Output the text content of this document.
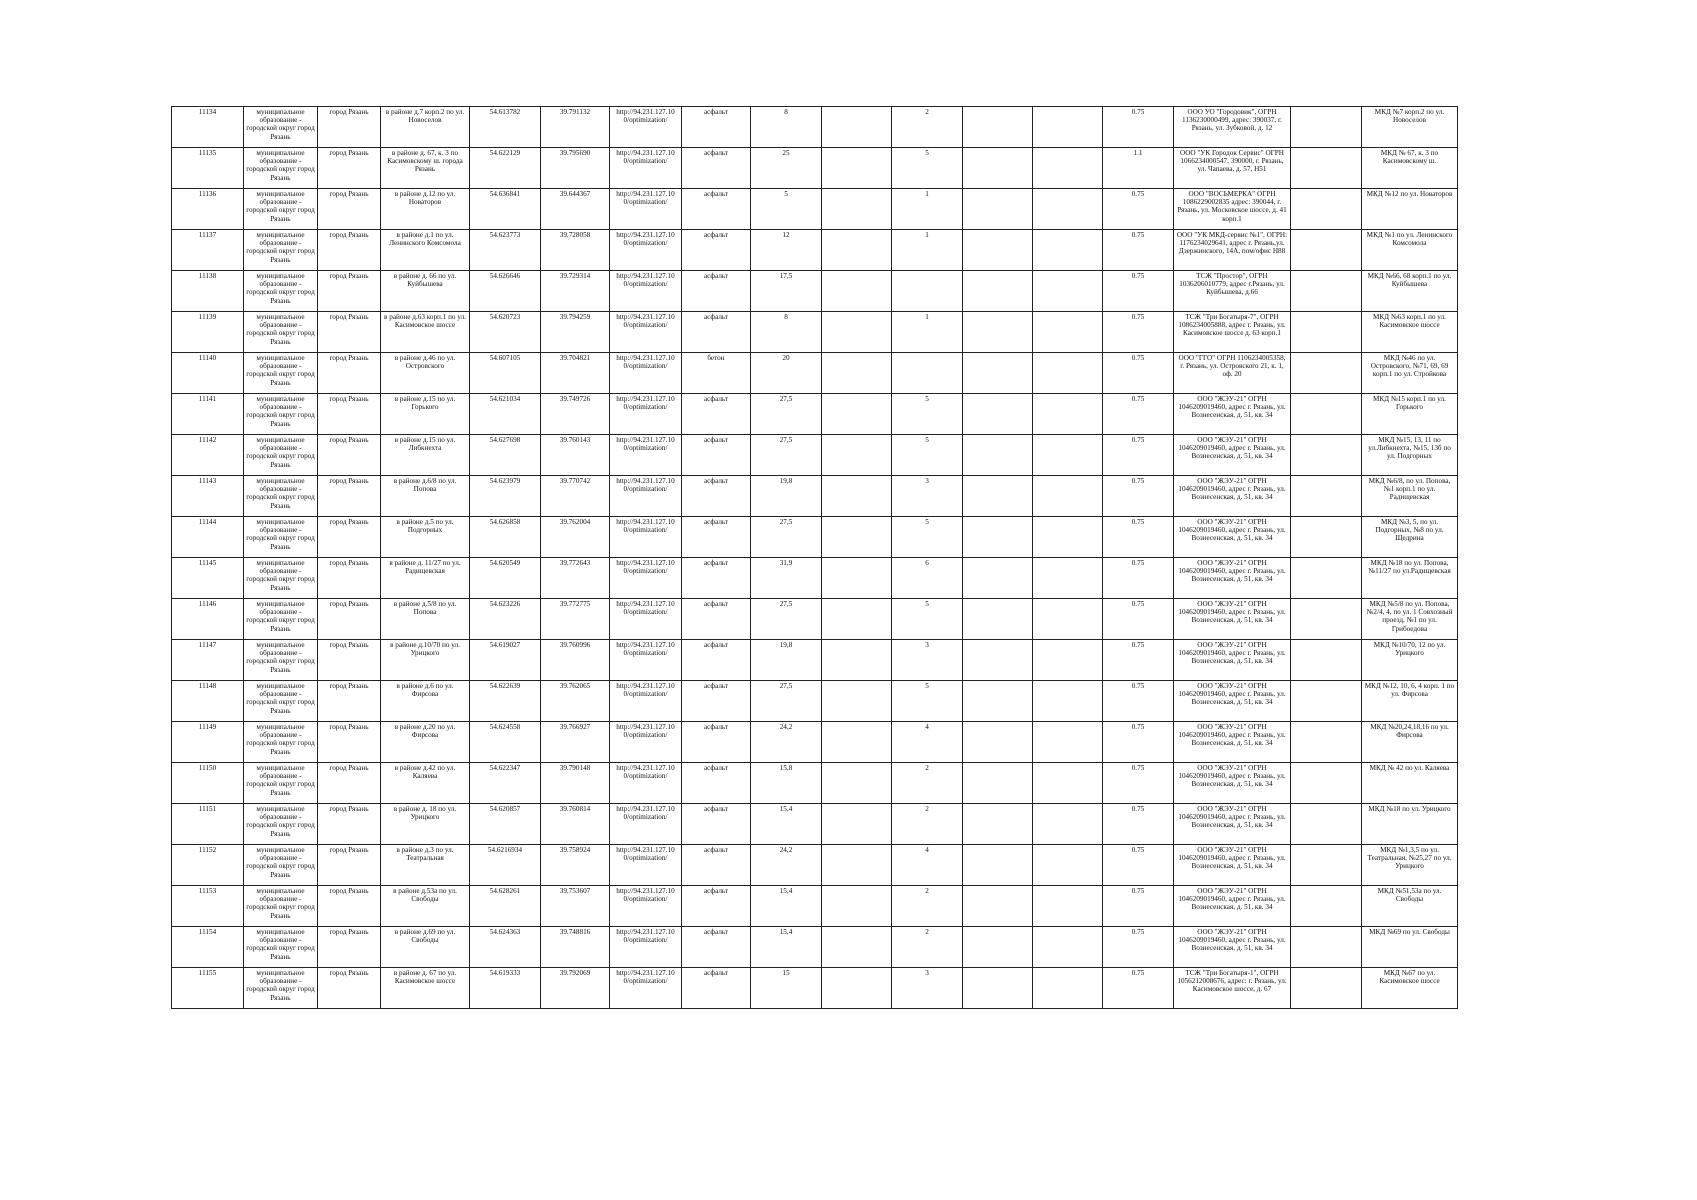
11134	муниципальное образование - городской округ город Рязань	город Рязань	в районе д.7 корп.2 по ул. Новоселов	54.613782	39.791132	http://94.231.127.10 0/optimization/	асфальт	8		2			0.75	ООО УО "Городовик", ОГРН 1136230000499, адрес: 390037, г. Рязань, ул. Зубковой, д. 12		МКД №7 корп.2 по ул. Новоселов
11135	муниципальное образование - городской округ город Рязань	город Рязань	в районе д. 67, к. 3 по Касимовскому ш. города Рязань	54.622129	39.795690	http://94.231.127.10 0/optimization/	асфальт	25		5			1.1	ООО "УК Городок Сервис" ОГРН 1066234000547, 390000, г. Рязань, ул. Чапаева, д. 57, Н51		МКД № 67, к. 3 по Касимовскому ш.
11136	муниципальное образование - городской округ город Рязань	город Рязань	в районе д.12 по ул. Новаторов	54.636841	39.644367	http://94.231.127.10 0/optimization/	асфальт	5		1			0.75	ООО "ВОСЬМЕРКА" ОГРН 1086229002835 адрес: 390044, г. Рязань, ул. Московское шоссе, д. 41 корп.1		МКД №12 по ул. Новаторов
11137	муниципальное образование - городской округ город Рязань	город Рязань	в районе д.1 по ул. Ленинского Комсомола	54.623773	39.728058	http://94.231.127.10 0/optimization/	асфальт	12		1			0.75	ООО "УК МКД-сервис №1", ОГРН: 1176234029641, адрес г. Рязань,ул. Дзержинского, 14А, пом/офис Н88		МКД №1 по ул. Ленинского Комсомола
11138	муниципальное образование - городской округ город Рязань	город Рязань	в районе д. 66 по ул. Куйбышева	54.626646	39.729314	http://94.231.127.10 0/optimization/	асфальт	17,5					0.75	ТСЖ "Простор", ОГРН 1036206010779, адрес г.Рязань, ул. Куйбышева, д.66		МКД №66, 68 корп.1 по ул. Куйбышева
11139	муниципальное образование - городской округ город Рязань	город Рязань	в районе д.63 корп.1 по ул. Касимовское шоссе	54.620723	39.794259	http://94.231.127.10 0/optimization/	асфальт	8		1			0.75	ТСЖ "Три Богатыря-7", ОГРН 1086234005888, адрес г. Рязань, ул. Касимовское шоссе д. 63 корп.1		МКД №63 корп.1 по ул. Касимовское шоссе
11140	муниципальное образование - городской округ город Рязань	город Рязань	в районе д.46 по ул. Островского	54.607105	39.704821	http://94.231.127.10 0/optimization/	бетон	20					0.75	ООО "ГГО" ОГРН 1106234005358, г. Рязань, ул. Островского 21, к. 1, оф. 20		МКД №46 по ул. Островского, №71, 69, 69 корп.1 по ул. Стройкова
11141	муниципальное образование - городской округ город Рязань	город Рязань	в районе д.15 по ул. Горького	54.621034	39.749726	http://94.231.127.10 0/optimization/	асфальт	27,5		5			0.75	ООО "ЖЭУ-21" ОГРН 1046209019460, адрес г. Рязань, ул. Вознесенская, д. 51, кв. 34		МКД №15 корп.1 по ул. Горького
11142	муниципальное образование - городской округ город Рязань	город Рязань	в районе д.15 по ул. Либкнехта	54.627698	39.760143	http://94.231.127.10 0/optimization/	асфальт	27,5		5			0.75	ООО "ЖЭУ-21" ОГРН 1046209019460, адрес г. Рязань, ул. Вознесенская, д. 51, кв. 34		МКД №15, 13, 11 по ул.Либкнехта, №15, 13б по ул. Подгорных
11143	муниципальное образование - городской округ город Рязань	город Рязань	в районе д.6/8 по ул. Попова	54.623979	39.770742	http://94.231.127.10 0/optimization/	асфальт	19,8		3			0.75	ООО "ЖЭУ-21" ОГРН 1046209019460, адрес г. Рязань, ул. Вознесенская, д. 51, кв. 34		МКД №6/8, по ул. Попова, №1 корп.1 по ул. Радищевская
11144	муниципальное образование - городской округ город Рязань	город Рязань	в районе д.5 по ул. Подгорных	54.626858	39.762004	http://94.231.127.10 0/optimization/	асфальт	27,5		5			0.75	ООО "ЖЭУ-21" ОГРН 1046209019460, адрес г. Рязань, ул. Вознесенская, д. 51, кв. 34		МКД №3, 5, по ул. Подгорных, №8 по ул. Щедрина
11145	муниципальное образование - городской округ город Рязань	город Рязань	в районе д. 11/27 по ул. Радищевская	54.620549	39.772643	http://94.231.127.10 0/optimization/	асфальт	31,9		6			0.75	ООО "ЖЭУ-21" ОГРН 1046209019460, адрес г. Рязань, ул. Вознесенская, д. 51, кв. 34		МКД №18 по ул. Попова, №11/27 по ул.Радищевская
11146	муниципальное образование - городской округ город Рязань	город Рязань	в районе д.5/8 по ул. Попова	54.623226	39.772775	http://94.231.127.10 0/optimization/	асфальт	27,5		5			0.75	ООО "ЖЭУ-21" ОГРН 1046209019460, адрес г. Рязань, ул. Вознесенская, д. 51, кв. 34		МКД №5/8 по ул. Попова, №2/4, 4, по ул. 1 Совхозный проезд, №1 по ул. Грибоедова
11147	муниципальное образование - городской округ город Рязань	город Рязань	в районе д.10/70 по ул. Урицкого	54.619027	39.760996	http://94.231.127.10 0/optimization/	асфальт	19,8		3			0.75	ООО "ЖЭУ-21" ОГРН 1046209019460, адрес г. Рязань, ул. Вознесенская, д. 51, кв. 34		МКД №10/70, 12 по ул. Урицкого
11148	муниципальное образование - городской округ город Рязань	город Рязань	в районе д.6 по ул. Фирсова	54.622639	39.762065	http://94.231.127.10 0/optimization/	асфальт	27,5		5			0.75	ООО "ЖЭУ-21" ОГРН 1046209019460, адрес г. Рязань, ул. Вознесенская, д. 51, кв. 34		МКД №12, 10, 6, 4 корп. 1 по ул. Фирсова
11149	муниципальное образование - городской округ город Рязань	город Рязань	в районе д.20 по ул. Фирсова	54.624558	39.766927	http://94.231.127.10 0/optimization/	асфальт	24,2		4			0.75	ООО "ЖЭУ-21" ОГРН 1046209019460, адрес г. Рязань, ул. Вознесенская, д. 51, кв. 34		МКД №20,24,18,16 по ул. Фирсова
11150	муниципальное образование - городской округ город Рязань	город Рязань	в районе д.42 по ул. Каляева	54.622347	39.790148	http://94.231.127.10 0/optimization/	асфальт	15,8		2			0.75	ООО "ЖЭУ-21" ОГРН 1046209019460, адрес г. Рязань, ул. Вознесенская, д. 51, кв. 34		МКД № 42 по ул. Каляева
11151	муниципальное образование - городской округ город Рязань	город Рязань	в районе д. 18 по ул. Урицкого	54.620857	39.760814	http://94.231.127.10 0/optimization/	асфальт	15,4		2			0.75	ООО "ЖЭУ-21" ОГРН 1046209019460, адрес г. Рязань, ул. Вознесенская, д. 51, кв. 34		МКД №18 по ул. Урицкого
11152	муниципальное образование - городской округ город Рязань	город Рязань	в районе д.3 по ул. Театральная	54.6216934	39.758924	http://94.231.127.10 0/optimization/	асфальт	24,2		4			0.75	ООО "ЖЭУ-21" ОГРН 1046209019460, адрес г. Рязань, ул. Вознесенская, д. 51, кв. 34		МКД №1,3,5 по ул. Театральная, №25,27 по ул. Урицкого
11153	муниципальное образование - городской округ город Рязань	город Рязань	в районе д.53а по ул. Свободы	54.628261	39.753607	http://94.231.127.10 0/optimization/	асфальт	15,4		2			0.75	ООО "ЖЭУ-21" ОГРН 1046209019460, адрес г. Рязань, ул. Вознесенская, д. 51, кв. 34		МКД №51,53а по ул. Свободы
11154	муниципальное образование - городской округ город Рязань	город Рязань	в районе д.69 по ул. Свободы	54.624363	39.748816	http://94.231.127.10 0/optimization/	асфальт	15,4		2			0.75	ООО "ЖЭУ-21" ОГРН 1046209019460, адрес г. Рязань, ул. Вознесенская, д. 51, кв. 34		МКД №69 по ул. Свободы
11155	муниципальное образование - городской округ город Рязань	город Рязань	в районе д. 67 по ул. Касимовское шоссе	54.619333	39.792069	http://94.231.127.10 0/optimization/	асфальт	15		3			0.75	ТСЖ "Три Богатыря-1", ОГРН 1056212008676, адрес: г. Рязань, ул. Касимовское шоссе, д. 67		МКД №67 по ул. Касимовское шоссе
